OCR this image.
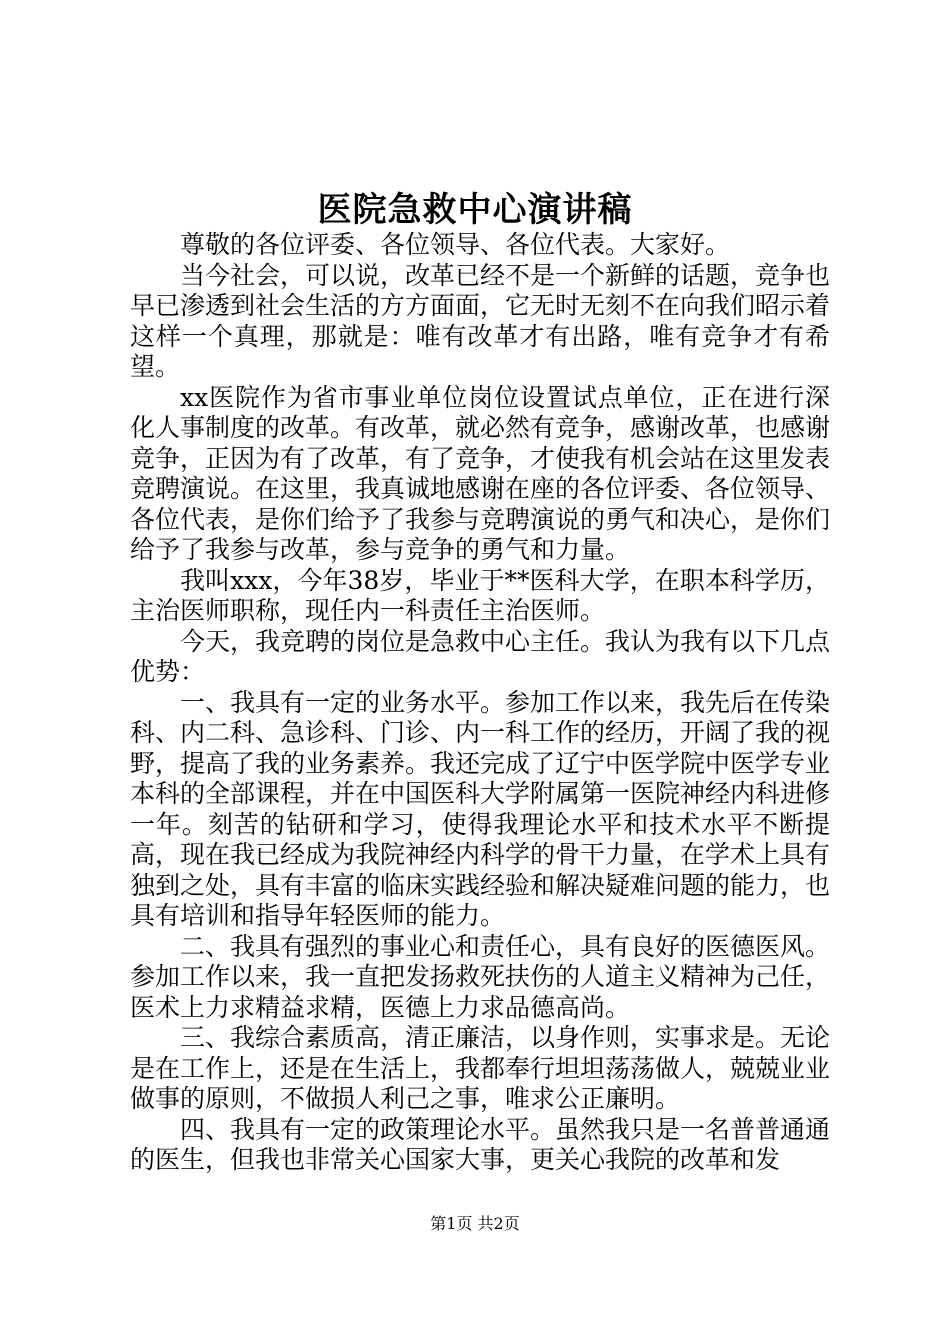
医院急救中心演讲稿

尊敬的各位评委、各位领导、各位代表。大家好。

当今社会，可以说，改革已经不是一个新鲜的话题，竞争也早已渗透到社会生活的方方面面，它无时无刻不在向我们昭示着这样一个真理，那就是：唯有改革才有出路，唯有竞争才有希望。

xx医院作为省市事业单位岗位设置试点单位，正在进行深化人事制度的改革。有改革，就必然有竞争，感谢改革，也感谢竞争，正因为有了改革，有了竞争，才使我有机会站在这里发表竞聘演说。在这里，我真诚地感谢在座的各位评委、各位领导、各位代表，是你们给予了我参与竞聘演说的勇气和决心，是你们给予了我参与改革，参与竞争的勇气和力量。

我叫xxx，今年38岁，毕业于**医科大学，在职本科学历，主治医师职称，现任内一科责任主治医师。

今天，我竞聘的岗位是急救中心主任。我认为我有以下几点优势：

一、我具有一定的业务水平。参加工作以来，我先后在传染科、内二科、急诊科、门诊、内一科工作的经历，开阔了我的视野，提高了我的业务素养。我还完成了辽宁中医学院中医学专业本科的全部课程，并在中国医科大学附属第一医院神经内科进修一年。刻苦的钻研和学习，使得我理论水平和技术水平不断提高，现在我已经成为我院神经内科学的骨干力量，在学术上具有独到之处，具有丰富的临床实践经验和解决疑难问题的能力，也具有培训和指导年轻医师的能力。

二、我具有强烈的事业心和责任心，具有良好的医德医风。参加工作以来，我一直把发扬救死扶伤的人道主义精神为己任，医术上力求精益求精，医德上力求品德高尚。

三、我综合素质高，清正廉洁，以身作则，实事求是。无论是在工作上，还是在生活上，我都奉行坦坦荡荡做人，兢兢业业做事的原则，不做损人利己之事，唯求公正廉明。

四、我具有一定的政策理论水平。虽然我只是一名普普通通的医生，但我也非常关心国家大事，更关心我院的改革和发

第1页 共2页
